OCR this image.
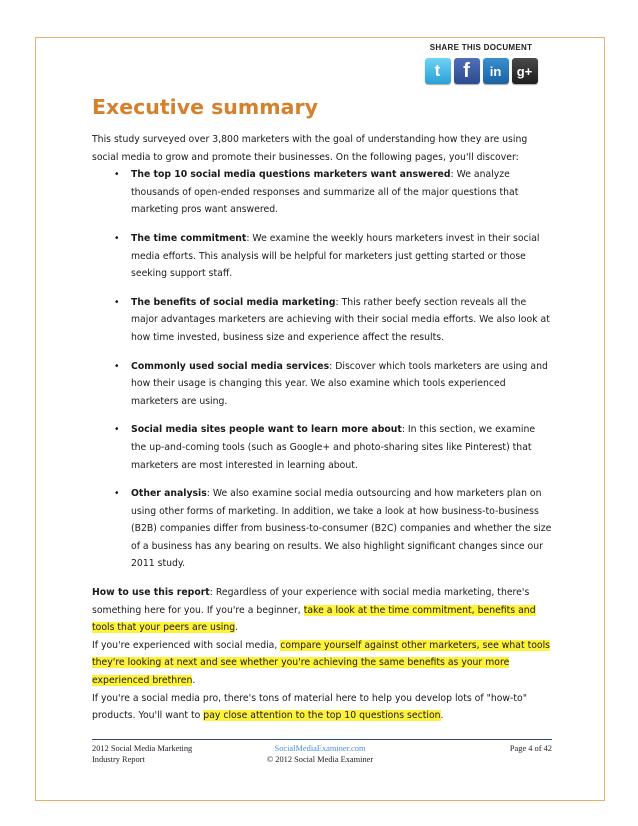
SHARE THIS DOCUMENT
t	f	in	g+
Executive summary

This study surveyed over 3,800 marketers with the goal of understanding how they are using social media to grow and promote their businesses. On the following pages, you'll discover:

• The top 10 social media questions marketers want answered: We analyze thousands of open-ended responses and summarize all of the major questions that marketing pros want answered.
• The time commitment: We examine the weekly hours marketers invest in their social media efforts. This analysis will be helpful for marketers just getting started or those seeking support staff.
• The benefits of social media marketing: This rather beefy section reveals all the major advantages marketers are achieving with their social media efforts. We also look at how time invested, business size and experience affect the results.
• Commonly used social media services: Discover which tools marketers are using and how their usage is changing this year. We also examine which tools experienced marketers are using.
• Social media sites people want to learn more about: In this section, we examine the up-and-coming tools (such as Google+ and photo-sharing sites like Pinterest) that marketers are most interested in learning about.
• Other analysis: We also examine social media outsourcing and how marketers plan on using other forms of marketing. In addition, we take a look at how business-to-business (B2B) companies differ from business-to-consumer (B2C) companies and whether the size of a business has any bearing on results. We also highlight significant changes since our 2011 study.

How to use this report: Regardless of your experience with social media marketing, there's something here for you. If you're a beginner, take a look at the time commitment, benefits and tools that your peers are using.

If you're experienced with social media, compare yourself against other marketers, see what tools they're looking at next and see whether you're achieving the same benefits as your more experienced brethren.

If you're a social media pro, there's tons of material here to help you develop lots of "how-to" products. You'll want to pay close attention to the top 10 questions section.

2012 Social Media Marketing
Industry Report
SocialMediaExaminer.com
© 2012 Social Media Examiner
Page 4 of 42
